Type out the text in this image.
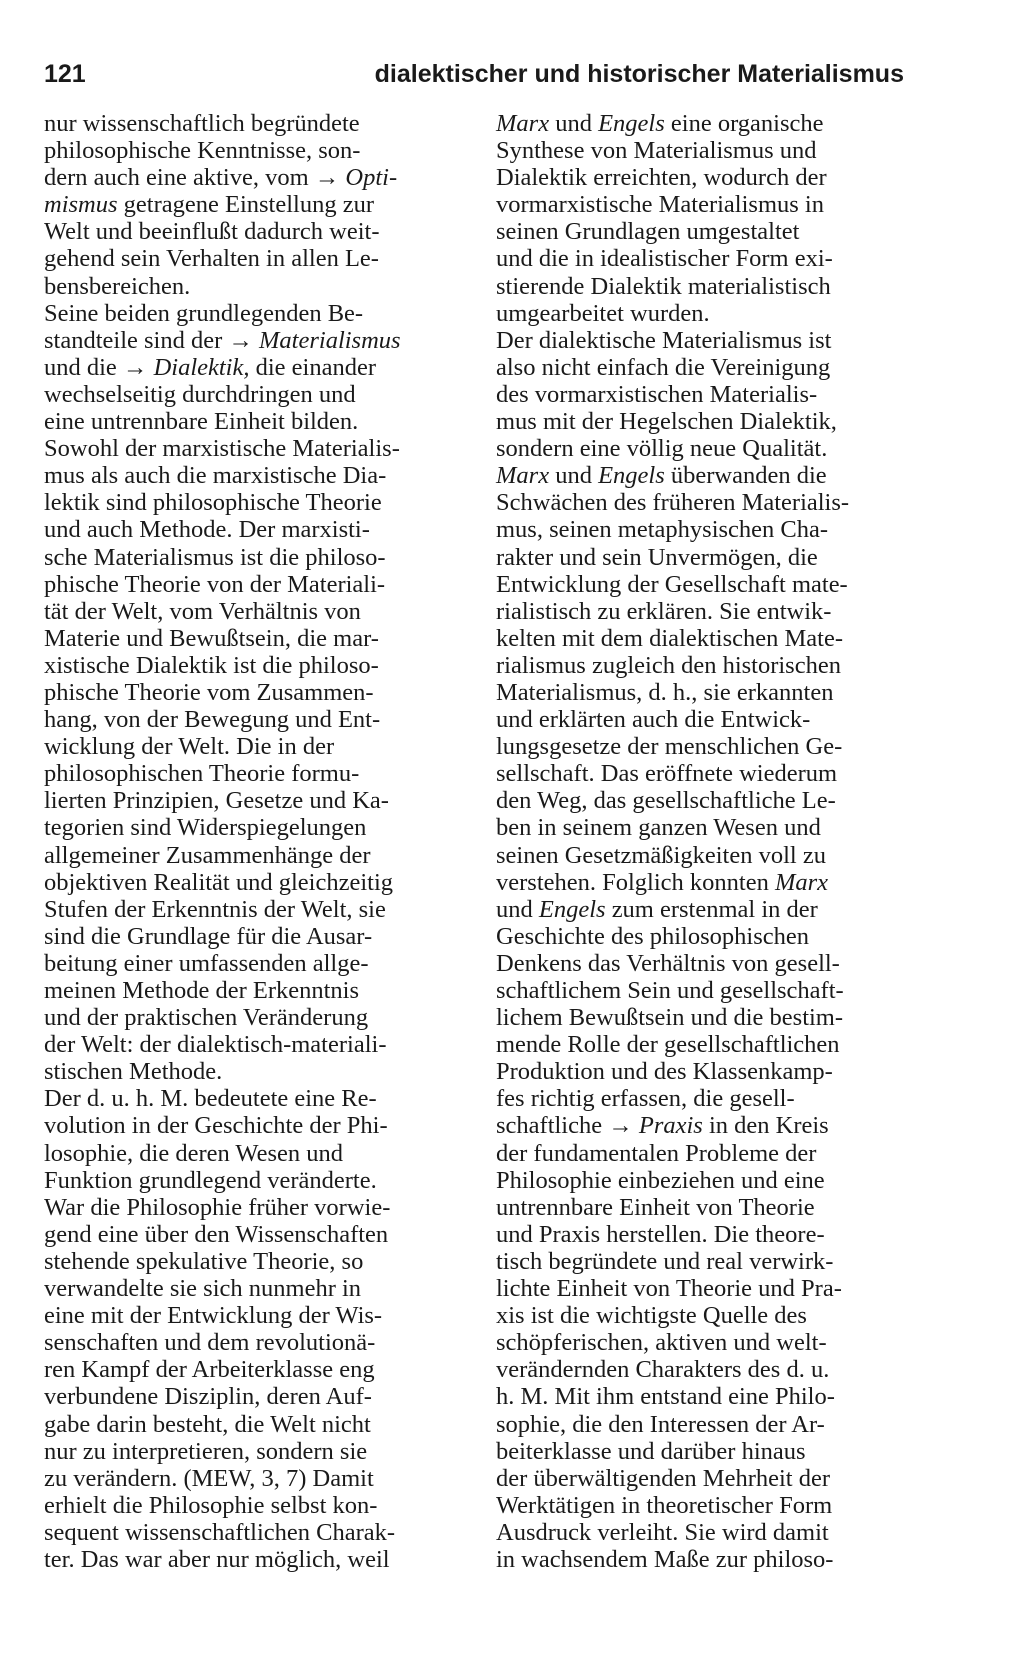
121	dialektischer und historischer Materialismus
nur wissenschaftlich begründete
philosophische Kenntnisse, son-
dern auch eine aktive, vom → Opti-
mismus getragene Einstellung zur
Welt und beeinflußt dadurch weit-
gehend sein Verhalten in allen Le-
bensbereichen.
Seine beiden grundlegenden Be-
standteile sind der → Materialismus
und die → Dialektik, die einander
wechselseitig durchdringen und
eine untrennbare Einheit bilden.
Sowohl der marxistische Materialis-
mus als auch die marxistische Dia-
lektik sind philosophische Theorie
und auch Methode. Der marxisti-
sche Materialismus ist die philoso-
phische Theorie von der Materiali-
tät der Welt, vom Verhältnis von
Materie und Bewußtsein, die mar-
xistische Dialektik ist die philoso-
phische Theorie vom Zusammen-
hang, von der Bewegung und Ent-
wicklung der Welt. Die in der
philosophischen Theorie formu-
lierten Prinzipien, Gesetze und Ka-
tegorien sind Widerspiegelungen
allgemeiner Zusammenhänge der
objektiven Realität und gleichzeitig
Stufen der Erkenntnis der Welt, sie
sind die Grundlage für die Ausar-
beitung einer umfassenden allge-
meinen Methode der Erkenntnis
und der praktischen Veränderung
der Welt: der dialektisch-materiali-
stischen Methode.
Der d. u. h. M. bedeutete eine Re-
volution in der Geschichte der Phi-
losophie, die deren Wesen und
Funktion grundlegend veränderte.
War die Philosophie früher vorwie-
gend eine über den Wissenschaften
stehende spekulative Theorie, so
verwandelte sie sich nunmehr in
eine mit der Entwicklung der Wis-
senschaften und dem revolutionä-
ren Kampf der Arbeiterklasse eng
verbundene Disziplin, deren Auf-
gabe darin besteht, die Welt nicht
nur zu interpretieren, sondern sie
zu verändern. (MEW, 3, 7) Damit
erhielt die Philosophie selbst kon-
sequent wissenschaftlichen Charak-
ter. Das war aber nur möglich, weil
Marx und Engels eine organische
Synthese von Materialismus und
Dialektik erreichten, wodurch der
vormarxistische Materialismus in
seinen Grundlagen umgestaltet
und die in idealistischer Form exi-
stierende Dialektik materialistisch
umgearbeitet wurden.
Der dialektische Materialismus ist
also nicht einfach die Vereinigung
des vormarxistischen Materialis-
mus mit der Hegelschen Dialektik,
sondern eine völlig neue Qualität.
Marx und Engels überwanden die
Schwächen des früheren Materialis-
mus, seinen metaphysischen Cha-
rakter und sein Unvermögen, die
Entwicklung der Gesellschaft mate-
rialistisch zu erklären. Sie entwik-
kelten mit dem dialektischen Mate-
rialismus zugleich den historischen
Materialismus, d. h., sie erkannten
und erklärten auch die Entwick-
lungsgesetze der menschlichen Ge-
sellschaft. Das eröffnete wiederum
den Weg, das gesellschaftliche Le-
ben in seinem ganzen Wesen und
seinen Gesetzmäßigkeiten voll zu
verstehen. Folglich konnten Marx
und Engels zum erstenmal in der
Geschichte des philosophischen
Denkens das Verhältnis von gesell-
schaftlichem Sein und gesellschaft-
lichem Bewußtsein und die bestim-
mende Rolle der gesellschaftlichen
Produktion und des Klassenkamp-
fes richtig erfassen, die gesell-
schaftliche → Praxis in den Kreis
der fundamentalen Probleme der
Philosophie einbeziehen und eine
untrennbare Einheit von Theorie
und Praxis herstellen. Die theore-
tisch begründete und real verwirk-
lichte Einheit von Theorie und Pra-
xis ist die wichtigste Quelle des
schöpferischen, aktiven und welt-
verändernden Charakters des d. u.
h. M. Mit ihm entstand eine Philo-
sophie, die den Interessen der Ar-
beiterklasse und darüber hinaus
der überwältigenden Mehrheit der
Werktätigen in theoretischer Form
Ausdruck verleiht. Sie wird damit
in wachsendem Maße zur philoso-
